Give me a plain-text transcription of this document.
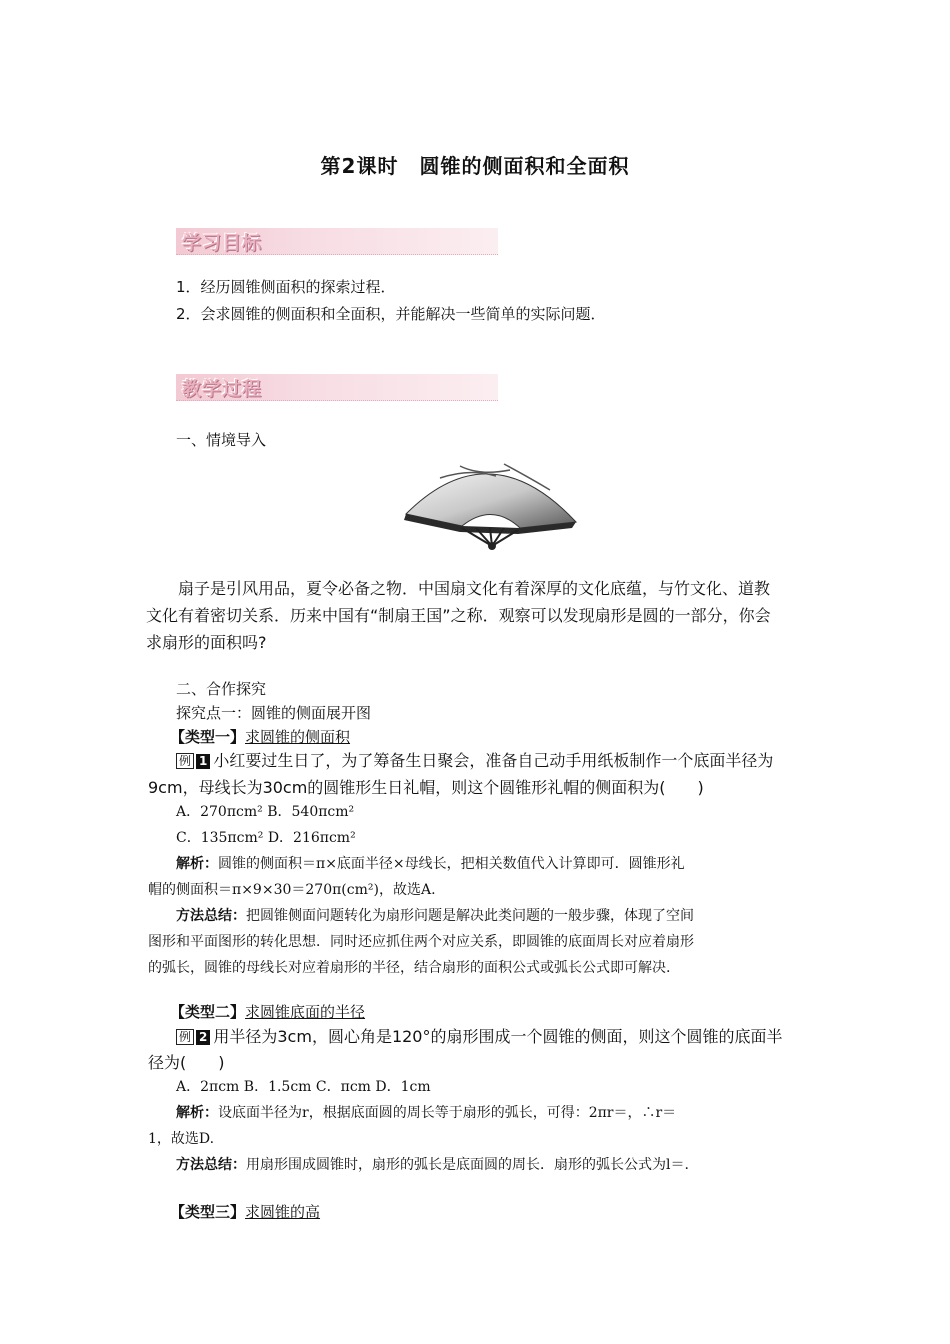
第2课时　圆锥的侧面积和全面积
学习目标
1．经历圆锥侧面积的探索过程．
2．会求圆锥的侧面积和全面积，并能解决一些简单的实际问题．
教学过程
一、情境导入
扇子是引风用品，夏令必备之物．中国扇文化有着深厚的文化底蕴，与竹文化、道教
文化有着密切关系．历来中国有“制扇王国”之称．观察可以发现扇形是圆的一部分，你会
求扇形的面积吗?
二、合作探究
探究点一：圆锥的侧面展开图
【类型一】求圆锥的侧面积
例 1 小红要过生日了，为了筹备生日聚会，准备自己动手用纸板制作一个底面半径为
9cm，母线长为30cm的圆锥形生日礼帽，则这个圆锥形礼帽的侧面积为(　　)
A．270πcm² B．540πcm²
C．135πcm² D．216πcm²
解析：圆锥的侧面积＝π×底面半径×母线长，把相关数值代入计算即可．圆锥形礼
帽的侧面积＝π×9×30＝270π(cm²)，故选A.
方法总结：把圆锥侧面问题转化为扇形问题是解决此类问题的一般步骤，体现了空间
图形和平面图形的转化思想．同时还应抓住两个对应关系，即圆锥的底面周长对应着扇形
的弧长，圆锥的母线长对应着扇形的半径，结合扇形的面积公式或弧长公式即可解决.
【类型二】求圆锥底面的半径
例 2 用半径为3cm，圆心角是120°的扇形围成一个圆锥的侧面，则这个圆锥的底面半
径为(　　)
A．2πcm B．1.5cm C．πcm D．1cm
解析：设底面半径为r，根据底面圆的周长等于扇形的弧长，可得：2πr＝，∴r＝
1，故选D.
方法总结：用扇形围成圆锥时，扇形的弧长是底面圆的周长．扇形的弧长公式为l＝.
【类型三】求圆锥的高
